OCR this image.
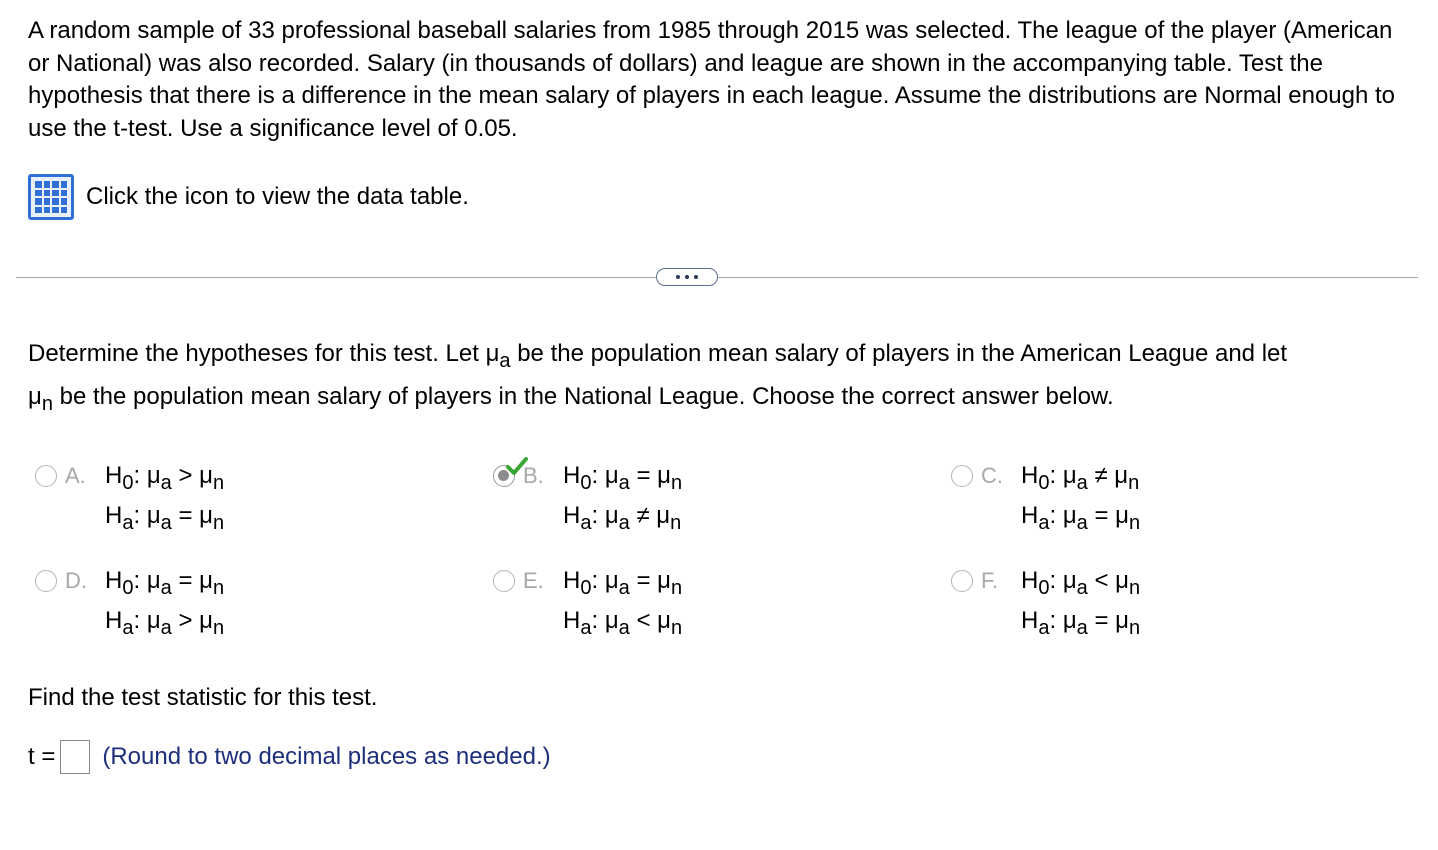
A random sample of 33 professional baseball salaries from 1985 through 2015 was selected. The league of the player (American or National) was also recorded. Salary (in thousands of dollars) and league are shown in the accompanying table. Test the hypothesis that there is a difference in the mean salary of players in each league. Assume the distributions are Normal enough to use the t-test. Use a significance level of 0.05.

Click the icon to view the data table.

Determine the hypotheses for this test. Let $\mu_a$ be the population mean salary of players in the American League and let
$\mu_n$ be the population mean salary of players in the National League. Choose the correct answer below.

A. $H_0$: $\mu_a > \mu_n$
$H_a$: $\mu_a = \mu_n$
B. $H_0$: $\mu_a = \mu_n$
$H_a$: $\mu_a \ne \mu_n$
C. $H_0$: $\mu_a \ne \mu_n$
$H_a$: $\mu_a = \mu_n$
D. $H_0$: $\mu_a = \mu_n$
$H_a$: $\mu_a > \mu_n$
E. $H_0$: $\mu_a = \mu_n$
$H_a$: $\mu_a < \mu_n$
F. $H_0$: $\mu_a < \mu_n$
$H_a$: $\mu_a = \mu_n$
Find the test statistic for this test.
t = (Round to two decimal places as needed.)
